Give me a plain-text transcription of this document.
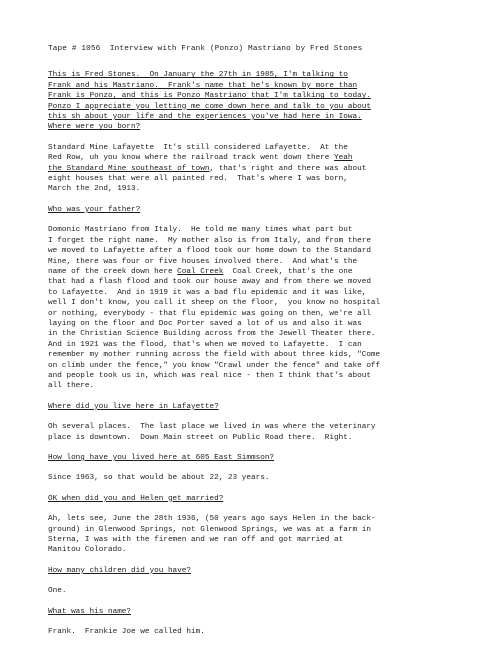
Tape # 1056  Interview with Frank (Ponzo) Mastriano by Fred Stones
This is Fred Stones.  On January the 27th in 1985, I'm talking to
Frank and his Mastriano.  Frank's name that he's known by more than
Frank is Ponzo, and this is Ponzo Mastriano that I'm talking to today.
Ponzo I appreciate you letting me come down here and talk to you about
this sh about your life and the experiences you've had here in Iowa.
Where were you born?
Standard Mine Lafayette  It's still considered Lafayette.  At the
Red Row, uh you know where the railroad track went down there Yeah
the Standard Mine southeast of town, that's right and there was about
eight houses that were all painted red.  That's where I was born,
March the 2nd, 1913.
Who was your father?
Domonic Mastriano from Italy.  He told me many times what part but
I forget the right name.  My mother also is from Italy, and from there
we moved to Lafayette after a flood took our home down to the Standard
Mine, there was four or five houses involved there.  And what's the
name of the creek down here Coal Creek  Coal Creek, that's the one
that had a flash flood and took our house away and from there we moved
to Lafayette.  And in 1919 it was a bad flu epidemic and it was like,
well I don't know, you call it sheep on the floor,  you know no hospital
or nothing, everybody - that flu epidemic was going on then, we're all
laying on the floor and Doc Porter saved a lot of us and also it was
in the Christian Science Building across from the Jewell Theater there.
And in 1921 was the flood, that's when we moved to Lafayette.  I can
remember my mother running across the field with about three kids, "Come
on climb under the fence," you know "Crawl under the fence" and take off
and people took us in, which was real nice - then I think that's about
all there.
Where did you live here in Lafayette?
Oh several places.  The last place we lived in was where the veterinary
place is downtown.  Down Main street on Public Road there.  Right.
How long have you lived here at 605 East Simmson?
Since 1963, so that would be about 22, 23 years.
OK when did you and Helen get married?
Ah, lets see, June the 28th 1936, (50 years ago says Helen in the back-
ground) in Glenwood Springs, not Glenwood Springs, we was at a farm in
Sterna, I was with the firemen and we ran off and got married at
Manitou Colorado.
How many children did you have?
One.
What was his name?
Frank.  Frankie Joe we called him.
